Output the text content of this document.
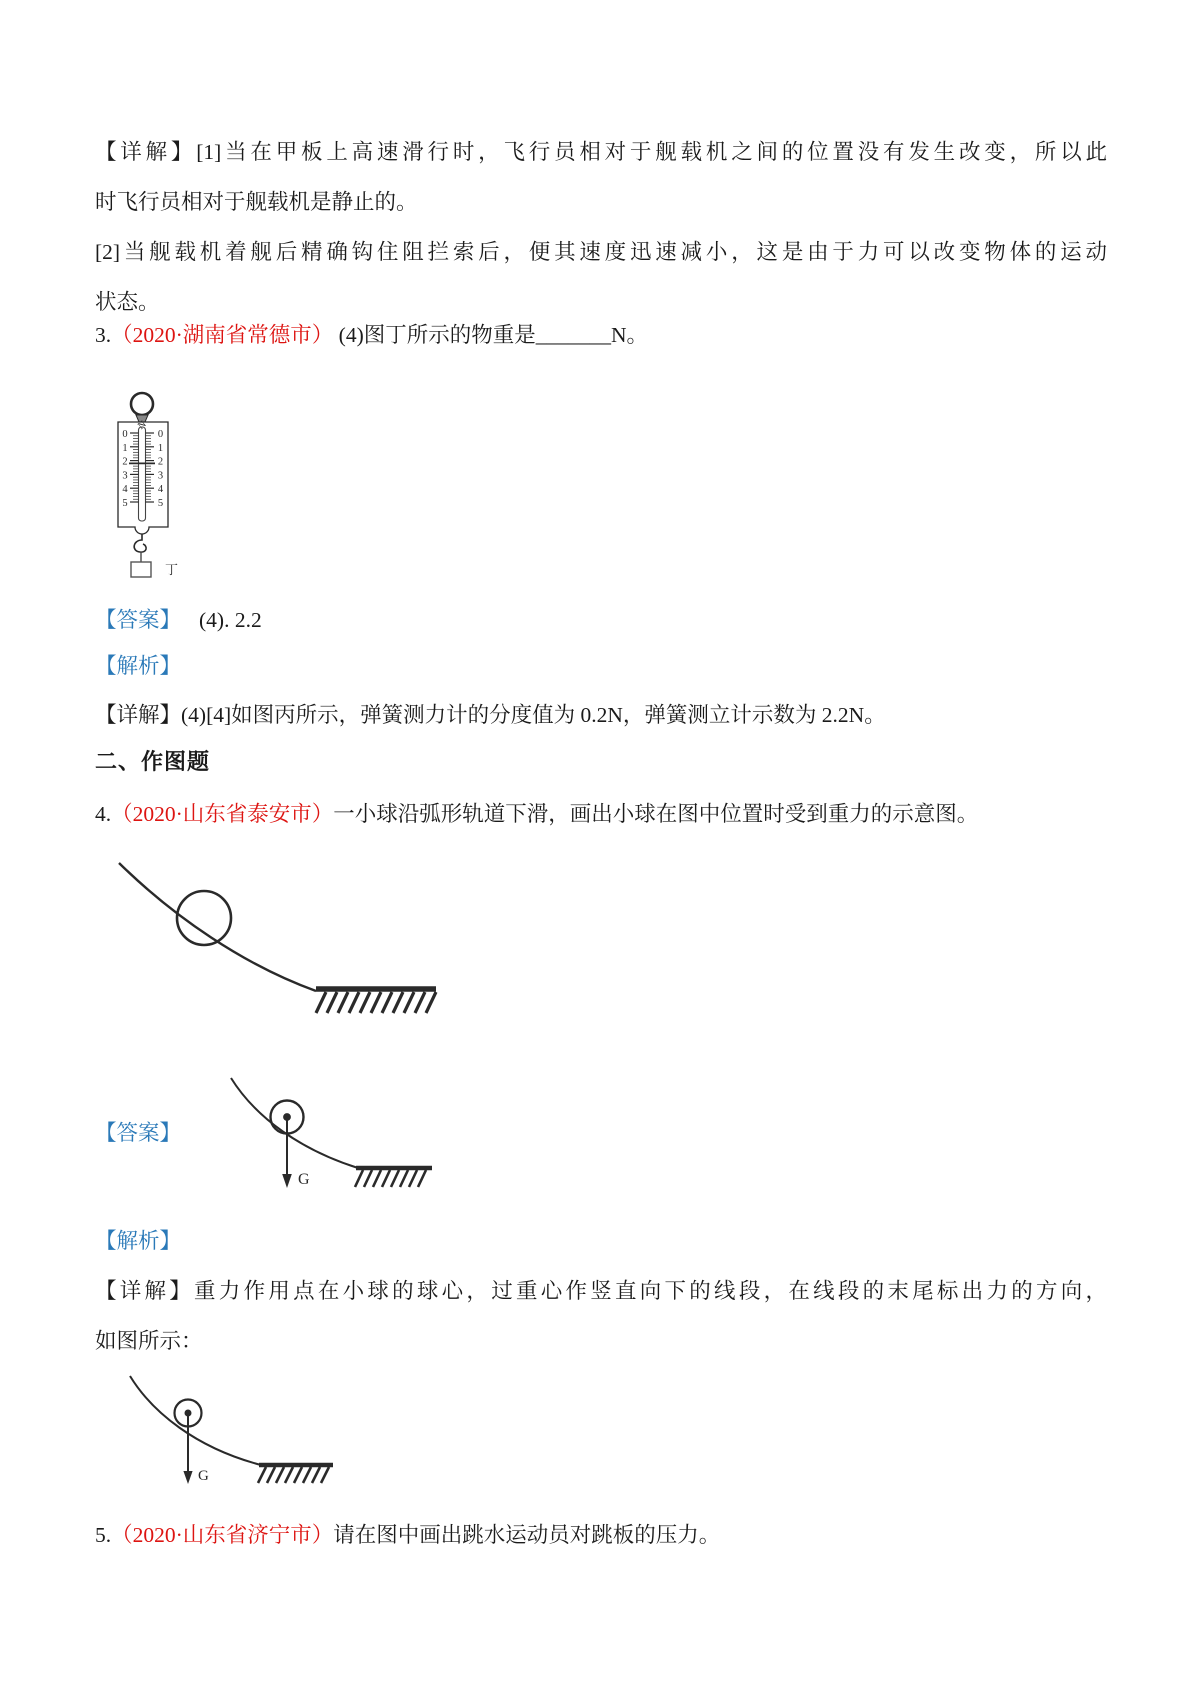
【详解】[1]当在甲板上高速滑行时，飞行员相对于舰载机之间的位置没有发生改变，所以此
时飞行员相对于舰载机是静止的。
[2]当舰载机着舰后精确钩住阻拦索后，便其速度迅速减小，这是由于力可以改变物体的运动
状态。
3.（2020·湖南省常德市） (4)图丁所示的物重是_______N。
N
0
1
2
3
4
5
0
1
2
3
4
5
丁
【答案】 (4). 2.2
【解析】
【详解】(4)[4]如图丙所示，弹簧测力计的分度值为 0.2N，弹簧测立计示数为 2.2N。
二、作图题
4.（2020·山东省泰安市）一小球沿弧形轨道下滑，画出小球在图中位置时受到重力的示意图。
【答案】
G
【解析】
【详解】重力作用点在小球的球心，过重心作竖直向下的线段，在线段的末尾标出力的方向，
如图所示：
G
5.（2020·山东省济宁市）请在图中画出跳水运动员对跳板的压力。
